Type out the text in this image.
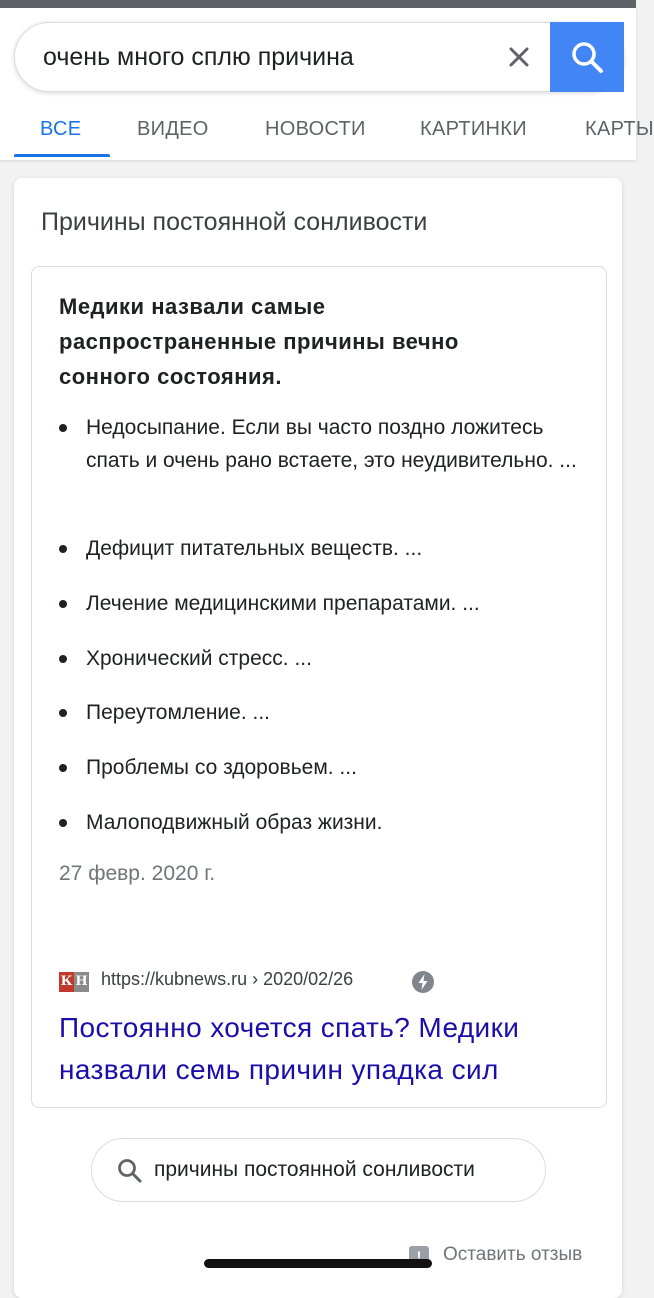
очень много сплю причина
ВСЕ	ВИДЕО	НОВОСТИ	КАРТИНКИ	КАРТЫ
Причины постоянной сонливости
Медики назвали самые распространенные причины вечно сонного состояния.
Недосыпание. Если вы часто поздно ложитесь спать и очень рано встаете, это неудивительно. ...
Дефицит питательных веществ. ...
Лечение медицинскими препаратами. ...
Хронический стресс. ...
Переутомление. ...
Проблемы со здоровьем. ...
Малоподвижный образ жизни.
27 февр. 2020 г.
К Н https://kubnews.ru › 2020/02/26
Постоянно хочется спать? Медики назвали семь причин упадка сил
причины постоянной сонливости
!
Оставить отзыв
